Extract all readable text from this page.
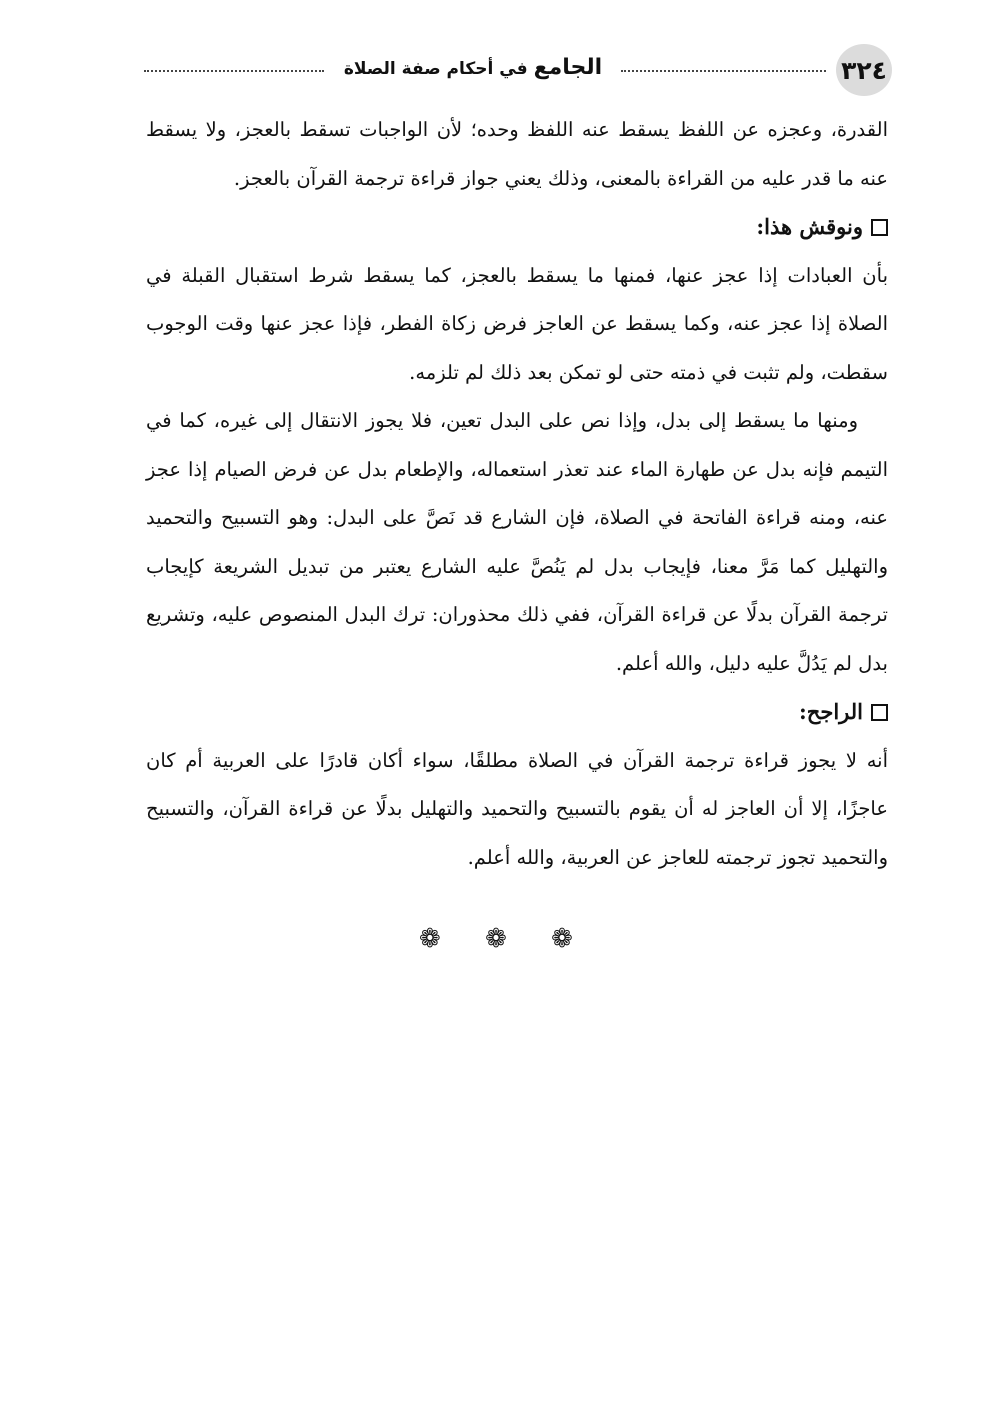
٣٢٤
الجامع في أحكام صفة الصلاة

القدرة، وعجزه عن اللفظ يسقط عنه اللفظ وحده؛ لأن الواجبات تسقط بالعجز، ولا يسقط عنه ما قدر عليه من القراءة بالمعنى، وذلك يعني جواز قراءة ترجمة القرآن بالعجز.

ونوقش هذا:

بأن العبادات إذا عجز عنها، فمنها ما يسقط بالعجز، كما يسقط شرط استقبال القبلة في الصلاة إذا عجز عنه، وكما يسقط عن العاجز فرض زكاة الفطر، فإذا عجز عنها وقت الوجوب سقطت، ولم تثبت في ذمته حتى لو تمكن بعد ذلك لم تلزمه.

ومنها ما يسقط إلى بدل، وإذا نص على البدل تعين، فلا يجوز الانتقال إلى غيره، كما في التيمم فإنه بدل عن طهارة الماء عند تعذر استعماله، والإطعام بدل عن فرض الصيام إذا عجز عنه، ومنه قراءة الفاتحة في الصلاة، فإن الشارع قد نَصَّ على البدل: وهو التسبيح والتحميد والتهليل كما مَرَّ معنا، فإيجاب بدل لم يَنُصَّ عليه الشارع يعتبر من تبديل الشريعة كإيجاب ترجمة القرآن بدلًا عن قراءة القرآن، ففي ذلك محذوران: ترك البدل المنصوص عليه، وتشريع بدل لم يَدُلَّ عليه دليل، والله أعلم.

الراجح:

أنه لا يجوز قراءة ترجمة القرآن في الصلاة مطلقًا، سواء أكان قادرًا على العربية أم كان عاجزًا، إلا أن العاجز له أن يقوم بالتسبيح والتحميد والتهليل بدلًا عن قراءة القرآن، والتسبيح والتحميد تجوز ترجمته للعاجز عن العربية، والله أعلم.

❁ ❁ ❁
